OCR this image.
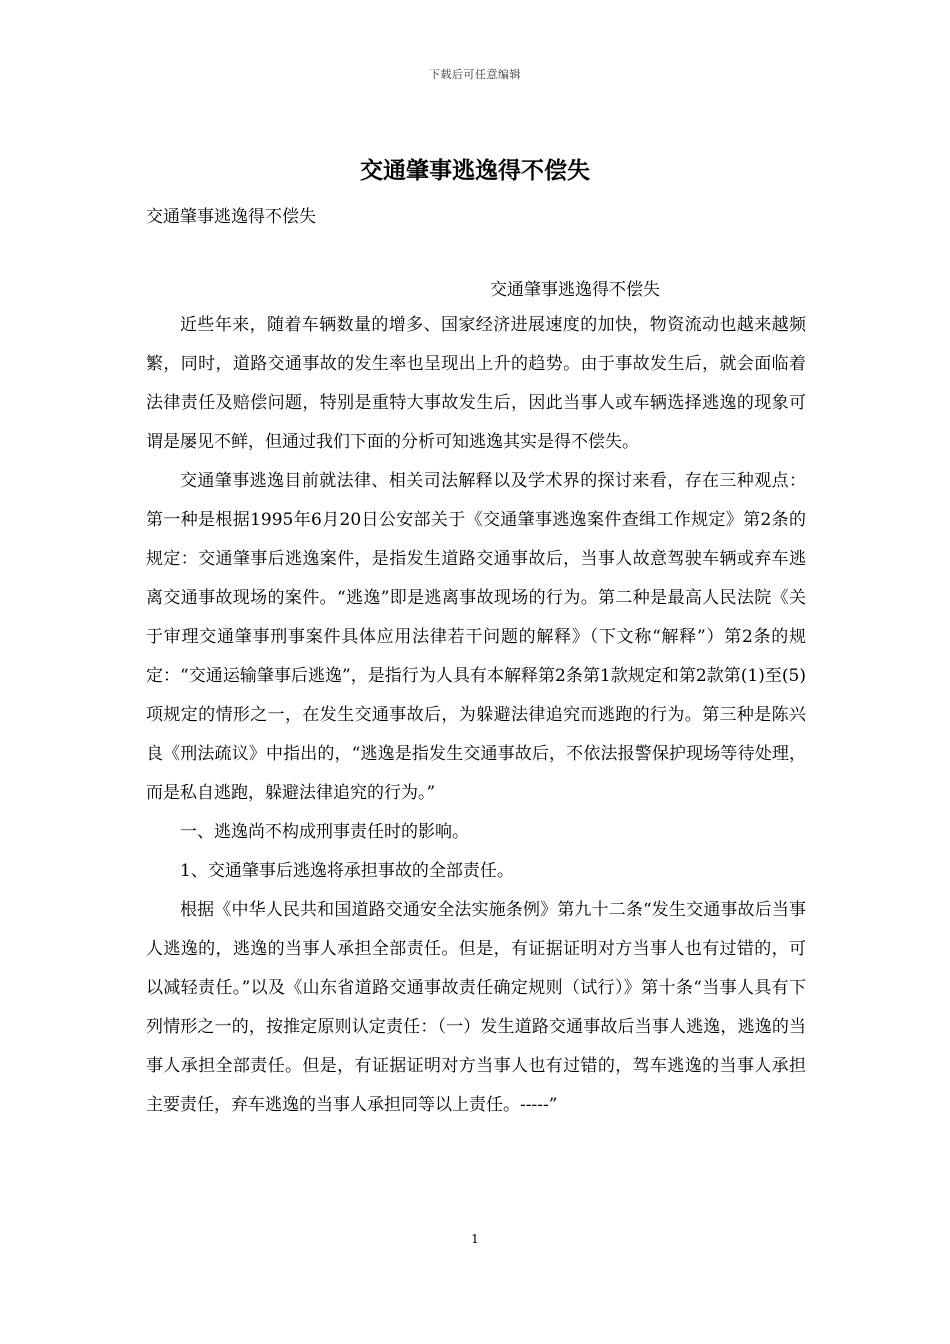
下载后可任意编辑
交通肇事逃逸得不偿失
交通肇事逃逸得不偿失
交通肇事逃逸得不偿失

近些年来，随着车辆数量的增多、国家经济进展速度的加快，物资流动也越来越频繁，同时，道路交通事故的发生率也呈现出上升的趋势。由于事故发生后，就会面临着法律责任及赔偿问题，特别是重特大事故发生后，因此当事人或车辆选择逃逸的现象可谓是屡见不鲜，但通过我们下面的分析可知逃逸其实是得不偿失。

交通肇事逃逸目前就法律、相关司法解释以及学术界的探讨来看，存在三种观点：第一种是根据1995年6月20日公安部关于《交通肇事逃逸案件查缉工作规定》第2条的规定：交通肇事后逃逸案件，是指发生道路交通事故后，当事人故意驾驶车辆或弃车逃离交通事故现场的案件。“逃逸”即是逃离事故现场的行为。第二种是最高人民法院《关于审理交通肇事刑事案件具体应用法律若干问题的解释》（下文称“解释”）第2条的规定：“交通运输肇事后逃逸”，是指行为人具有本解释第2条第1款规定和第2款第(1)至(5)项规定的情形之一，在发生交通事故后，为躲避法律追究而逃跑的行为。第三种是陈兴良《刑法疏议》中指出的，“逃逸是指发生交通事故后，不依法报警保护现场等待处理，而是私自逃跑，躲避法律追究的行为。”

一、逃逸尚不构成刑事责任时的影响。

1、交通肇事后逃逸将承担事故的全部责任。

根据《中华人民共和国道路交通安全法实施条例》第九十二条“发生交通事故后当事人逃逸的，逃逸的当事人承担全部责任。但是，有证据证明对方当事人也有过错的，可以减轻责任。”以及《山东省道路交通事故责任确定规则（试行）》第十条“当事人具有下列情形之一的，按推定原则认定责任：（一）发生道路交通事故后当事人逃逸，逃逸的当事人承担全部责任。但是，有证据证明对方当事人也有过错的，驾车逃逸的当事人承担主要责任，弃车逃逸的当事人承担同等以上责任。-----”

1
